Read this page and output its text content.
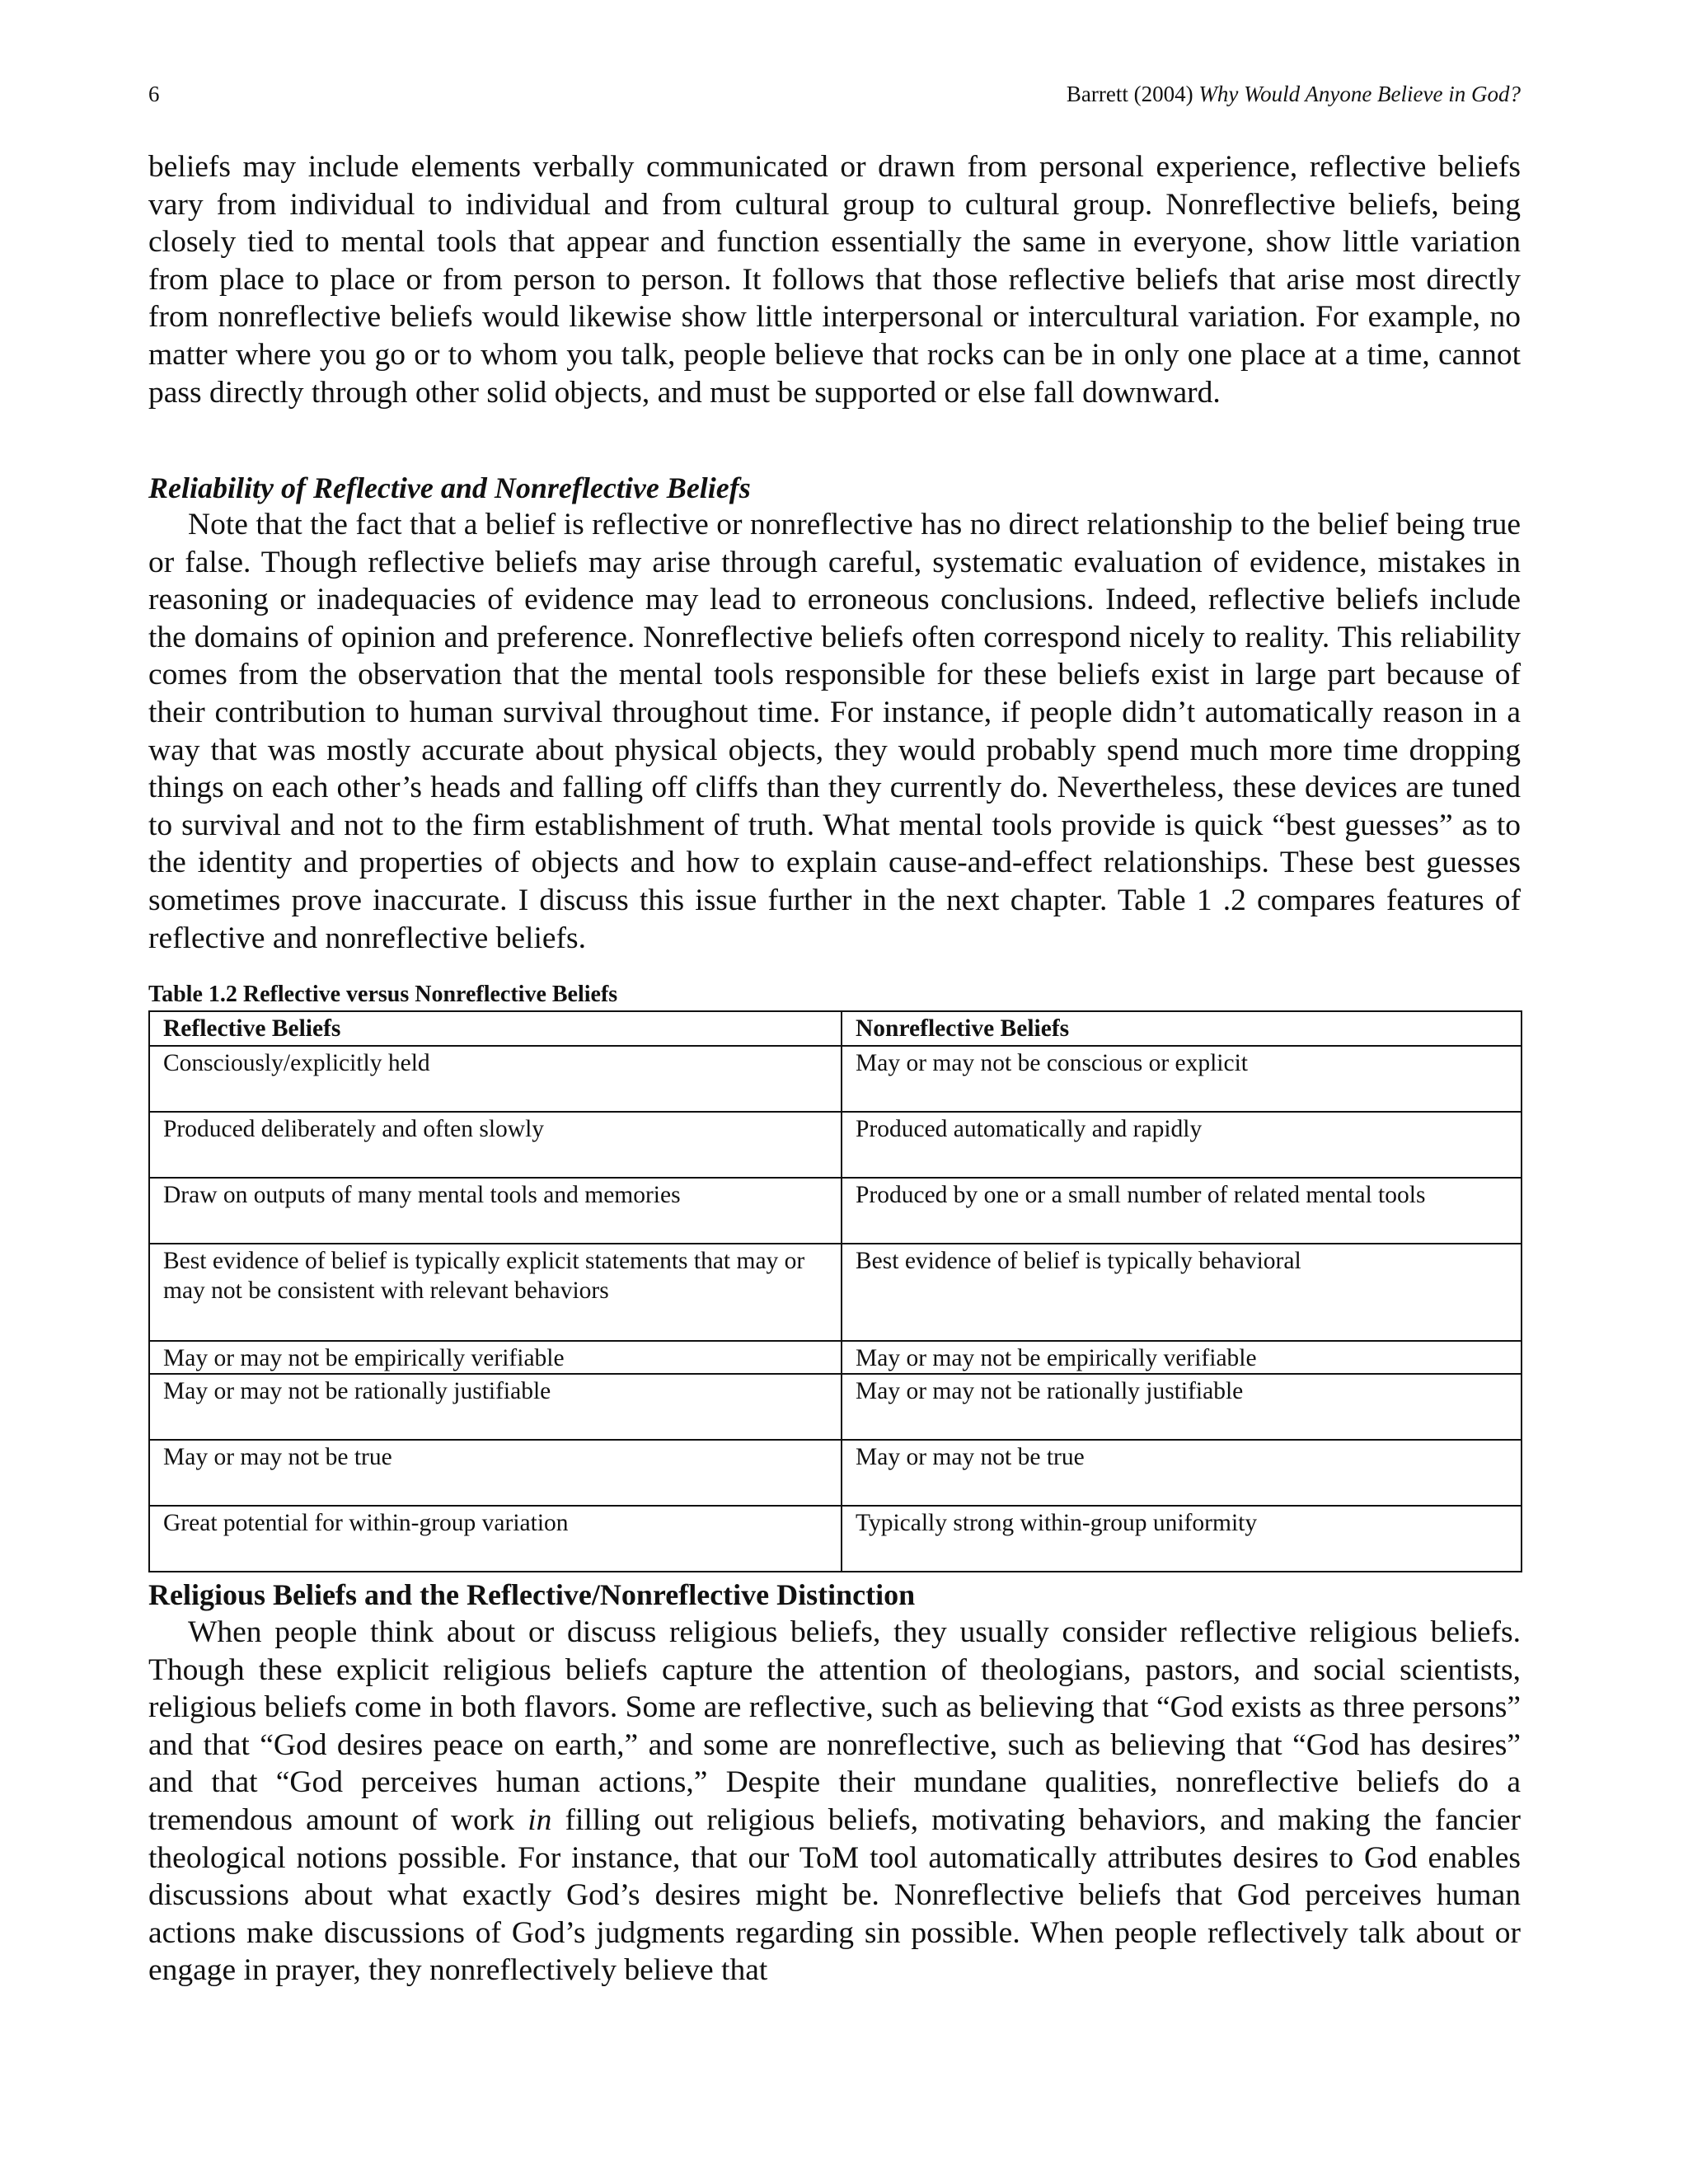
6	Barrett (2004) Why Would Anyone Believe in God?

beliefs may include elements verbally communicated or drawn from personal experience, reflective beliefs vary from individual to individual and from cultural group to cultural group. Nonreflective beliefs, being closely tied to mental tools that appear and function essentially the same in everyone, show little variation from place to place or from person to person. It follows that those reflective beliefs that arise most directly from nonreflective beliefs would likewise show little interpersonal or intercultural variation. For example, no matter where you go or to whom you talk, people believe that rocks can be in only one place at a time, cannot pass directly through other solid objects, and must be supported or else fall downward.

Reliability of Reflective and Nonreflective Beliefs

Note that the fact that a belief is reflective or nonreflective has no direct relationship to the belief being true or false. Though reflective beliefs may arise through careful, systematic evaluation of evidence, mistakes in reasoning or inadequacies of evidence may lead to erroneous conclusions. Indeed, reflective beliefs include the domains of opinion and preference. Nonreflective beliefs often correspond nicely to reality. This reliability comes from the observation that the mental tools responsible for these beliefs exist in large part because of their contribution to human survival throughout time. For instance, if people didn’t automatically reason in a way that was mostly accurate about physical objects, they would probably spend much more time dropping things on each other’s heads and falling off cliffs than they currently do. Nevertheless, these devices are tuned to survival and not to the firm establishment of truth. What mental tools provide is quick “best guesses” as to the identity and properties of objects and how to explain cause-and-effect relationships. These best guesses sometimes prove inaccurate. I discuss this issue further in the next chapter. Table 1 .2 compares features of reflective and nonreflective beliefs.

Table 1.2 Reflective versus Nonreflective Beliefs
Reflective Beliefs	Nonreflective Beliefs
Consciously/explicitly held	May or may not be conscious or explicit
Produced deliberately and often slowly	Produced automatically and rapidly
Draw on outputs of many mental tools and memories	Produced by one or a small number of related mental tools
Best evidence of belief is typically explicit statements that may or may not be consistent with relevant behaviors	Best evidence of belief is typically behavioral
May or may not be empirically verifiable	May or may not be empirically verifiable
May or may not be rationally justifiable	May or may not be rationally justifiable
May or may not be true	May or may not be true
Great potential for within-group variation	Typically strong within-group uniformity
Religious Beliefs and the Reflective/Nonreflective Distinction

When people think about or discuss religious beliefs, they usually consider reflective religious beliefs. Though these explicit religious beliefs capture the attention of theologians, pastors, and social scientists, religious beliefs come in both flavors. Some are reflective, such as believing that “God exists as three persons” and that “God desires peace on earth,” and some are nonreflective, such as believing that “God has desires” and that “God perceives human actions,” Despite their mundane qualities, nonreflective beliefs do a tremendous amount of work in filling out religious beliefs, motivating behaviors, and making the fancier theological notions possible. For instance, that our ToM tool automatically attributes desires to God enables discussions about what exactly God’s desires might be. Nonreflective beliefs that God perceives human actions make discussions of God’s judgments regarding sin possible. When people reflectively talk about or engage in prayer, they nonreflectively believe that
